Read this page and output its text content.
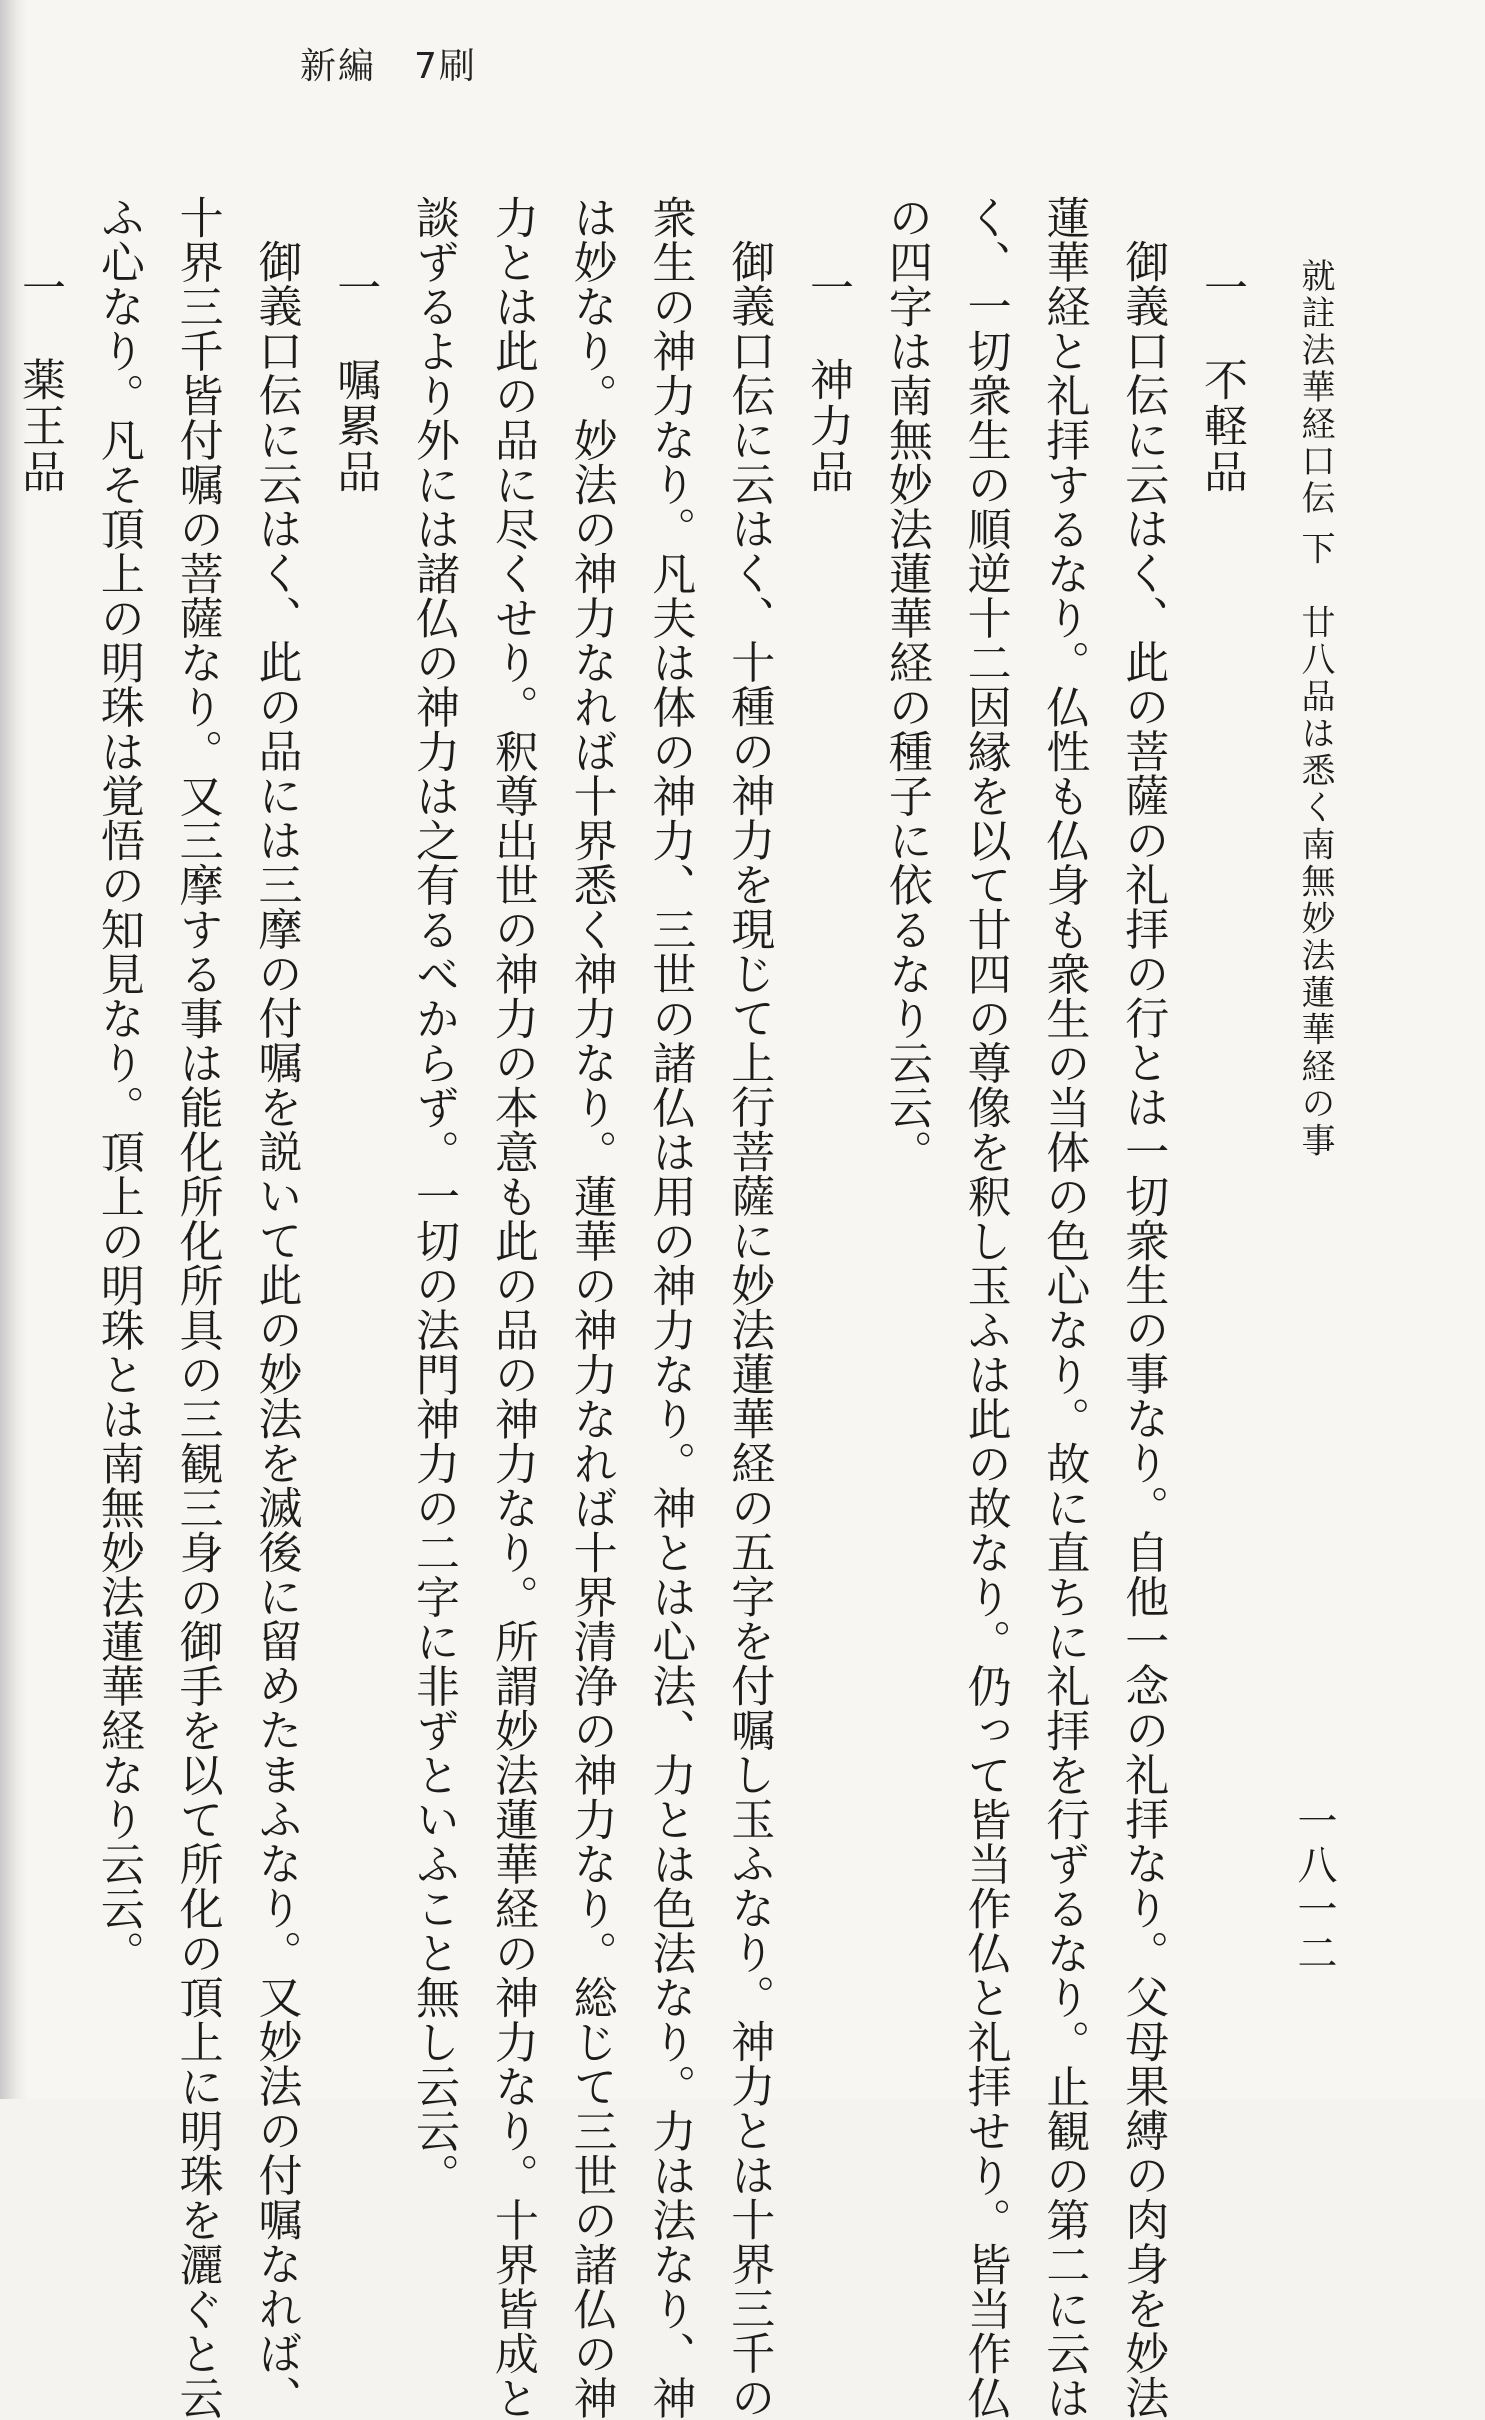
新編　7刷
就註法華経口伝 下　廿八品は悉く南無妙法蓮華経の事
一八一二
一　不軽品
御義口伝に云はく、此の菩薩の礼拝の行とは一切衆生の事なり。自他一念の礼拝なり。父母果縛の肉身を妙法
蓮華経と礼拝するなり。仏性も仏身も衆生の当体の色心なり。故に直ちに礼拝を行ずるなり。止観の第二に云は
く、一切衆生の順逆十二因縁を以て廿四の尊像を釈し玉ふは此の故なり。仍って皆当作仏と礼拝せり。皆当作仏
の四字は南無妙法蓮華経の種子に依るなり云云。
一　神力品
御義口伝に云はく、十種の神力を現じて上行菩薩に妙法蓮華経の五字を付嘱し玉ふなり。神力とは十界三千の
衆生の神力なり。凡夫は体の神力、三世の諸仏は用の神力なり。神とは心法、力とは色法なり。力は法なり、神
は妙なり。妙法の神力なれば十界悉く神力なり。蓮華の神力なれば十界清浄の神力なり。総じて三世の諸仏の神
力とは此の品に尽くせり。釈尊出世の神力の本意も此の品の神力なり。所謂妙法蓮華経の神力なり。十界皆成と
談ずるより外には諸仏の神力は之有るべからず。一切の法門神力の二字に非ずといふこと無し云云。
一　嘱累品
御義口伝に云はく、此の品には三摩の付嘱を説いて此の妙法を滅後に留めたまふなり。又妙法の付嘱なれば、
十界三千皆付嘱の菩薩なり。又三摩する事は能化所化所具の三観三身の御手を以て所化の頂上に明珠を灑ぐと云
ふ心なり。凡そ頂上の明珠は覚悟の知見なり。頂上の明珠とは南無妙法蓮華経なり云云。
一　薬王品
